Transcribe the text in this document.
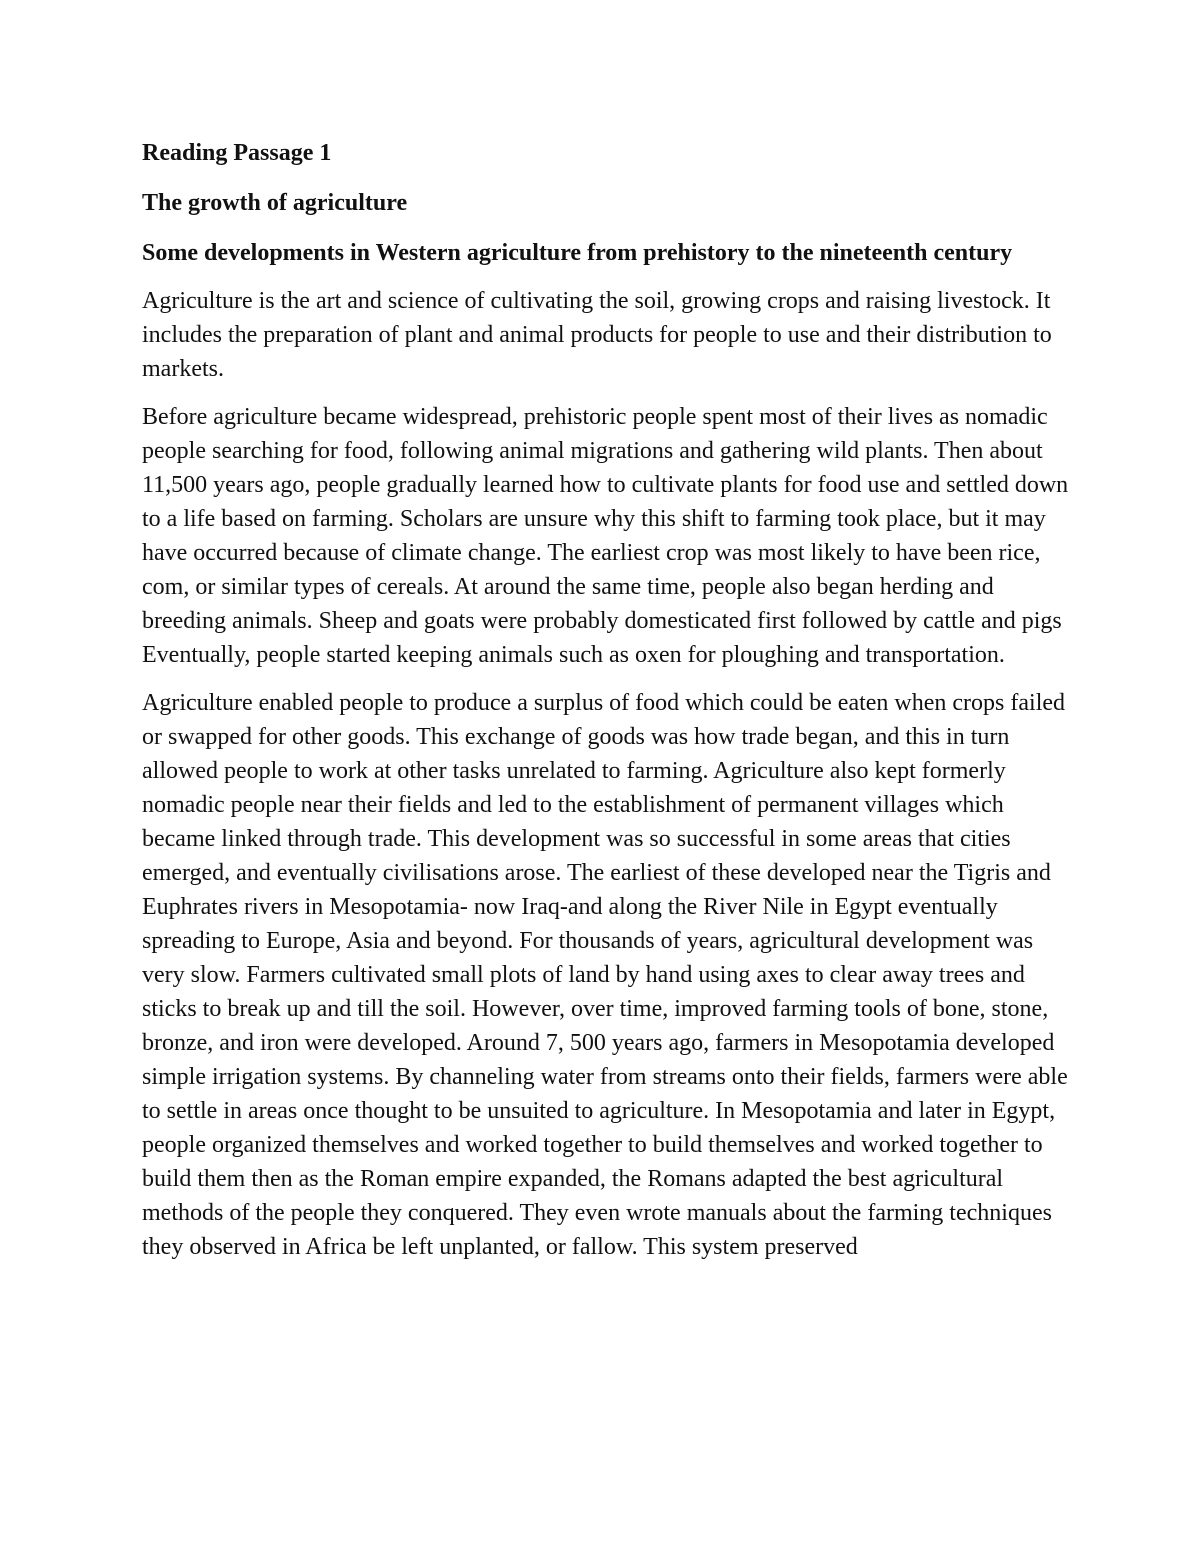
Reading Passage 1
The growth of agriculture
Some developments in Western agriculture from prehistory to the nineteenth century

Agriculture is the art and science of cultivating the soil, growing crops and raising livestock. It includes the preparation of plant and animal products for people to use and their distribution to markets.

Before agriculture became widespread, prehistoric people spent most of their lives as nomadic people searching for food, following animal migrations and gathering wild plants. Then about 11,500 years ago, people gradually learned how to cultivate plants for food use and settled down to a life based on farming. Scholars are unsure why this shift to farming took place, but it may have occurred because of climate change. The earliest crop was most likely to have been rice, com, or similar types of cereals. At around the same time, people also began herding and breeding animals. Sheep and goats were probably domesticated first followed by cattle and pigs Eventually, people started keeping animals such as oxen for ploughing and transportation.

Agriculture enabled people to produce a surplus of food which could be eaten when crops failed or swapped for other goods. This exchange of goods was how trade began, and this in turn allowed people to work at other tasks unrelated to farming. Agriculture also kept formerly nomadic people near their fields and led to the establishment of permanent villages which became linked through trade. This development was so successful in some areas that cities emerged, and eventually civilisations arose. The earliest of these developed near the Tigris and Euphrates rivers in Mesopotamia- now Iraq-and along the River Nile in Egypt eventually spreading to Europe, Asia and beyond. For thousands of years, agricultural development was very slow. Farmers cultivated small plots of land by hand using axes to clear away trees and sticks to break up and till the soil. However, over time, improved farming tools of bone, stone, bronze, and iron were developed. Around 7, 500 years ago, farmers in Mesopotamia developed simple irrigation systems. By channeling water from streams onto their fields, farmers were able to settle in areas once thought to be unsuited to agriculture. In Mesopotamia and later in Egypt, people organized themselves and worked together to build themselves and worked together to build them then as the Roman empire expanded, the Romans adapted the best agricultural methods of the people they conquered. They even wrote manuals about the farming techniques they observed in Africa be left unplanted, or fallow. This system preserved
